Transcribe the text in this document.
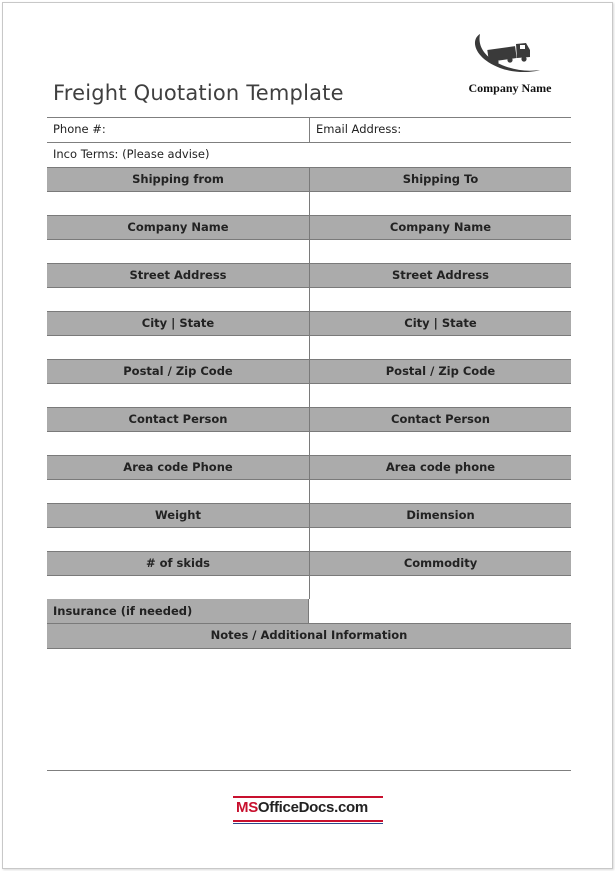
Freight Quotation Template	Company Name
Phone #:	Email Address:
Inco Terms: (Please advise)
Shipping from	Shipping To
Company Name	Company Name
Street Address	Street Address
City | State	City | State
Postal / Zip Code	Postal / Zip Code
Contact Person	Contact Person
Area code Phone	Area code phone
Weight	Dimension
# of skids	Commodity
Insurance (if needed)
Notes / Additional Information
MSOfficeDocs.com
